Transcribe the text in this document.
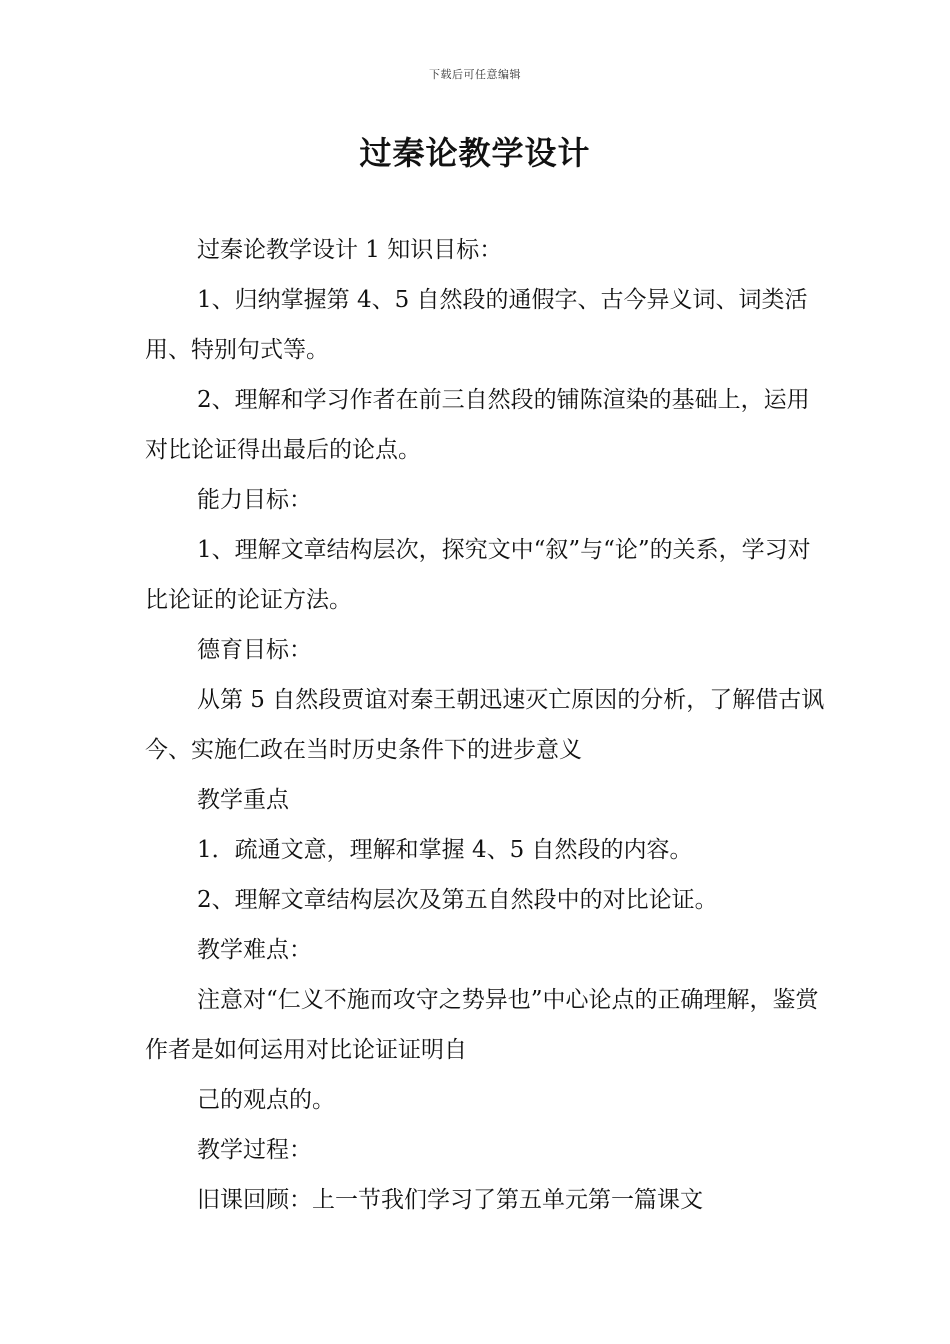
下载后可任意编辑
过秦论教学设计

过秦论教学设计 1 知识目标：

1、归纳掌握第 4、5 自然段的通假字、古今异义词、词类活用、特别句式等。

2、理解和学习作者在前三自然段的铺陈渲染的基础上，运用对比论证得出最后的论点。

能力目标：

1、理解文章结构层次，探究文中“叙”与“论”的关系，学习对比论证的论证方法。

德育目标：

从第 5 自然段贾谊对秦王朝迅速灭亡原因的分析，了解借古讽今、实施仁政在当时历史条件下的进步意义

教学重点

1．疏通文意，理解和掌握 4、5 自然段的内容。

2、理解文章结构层次及第五自然段中的对比论证。

教学难点：

注意对“仁义不施而攻守之势异也”中心论点的正确理解，鉴赏作者是如何运用对比论证证明自

己的观点的。

教学过程：

旧课回顾：上一节我们学习了第五单元第一篇课文
